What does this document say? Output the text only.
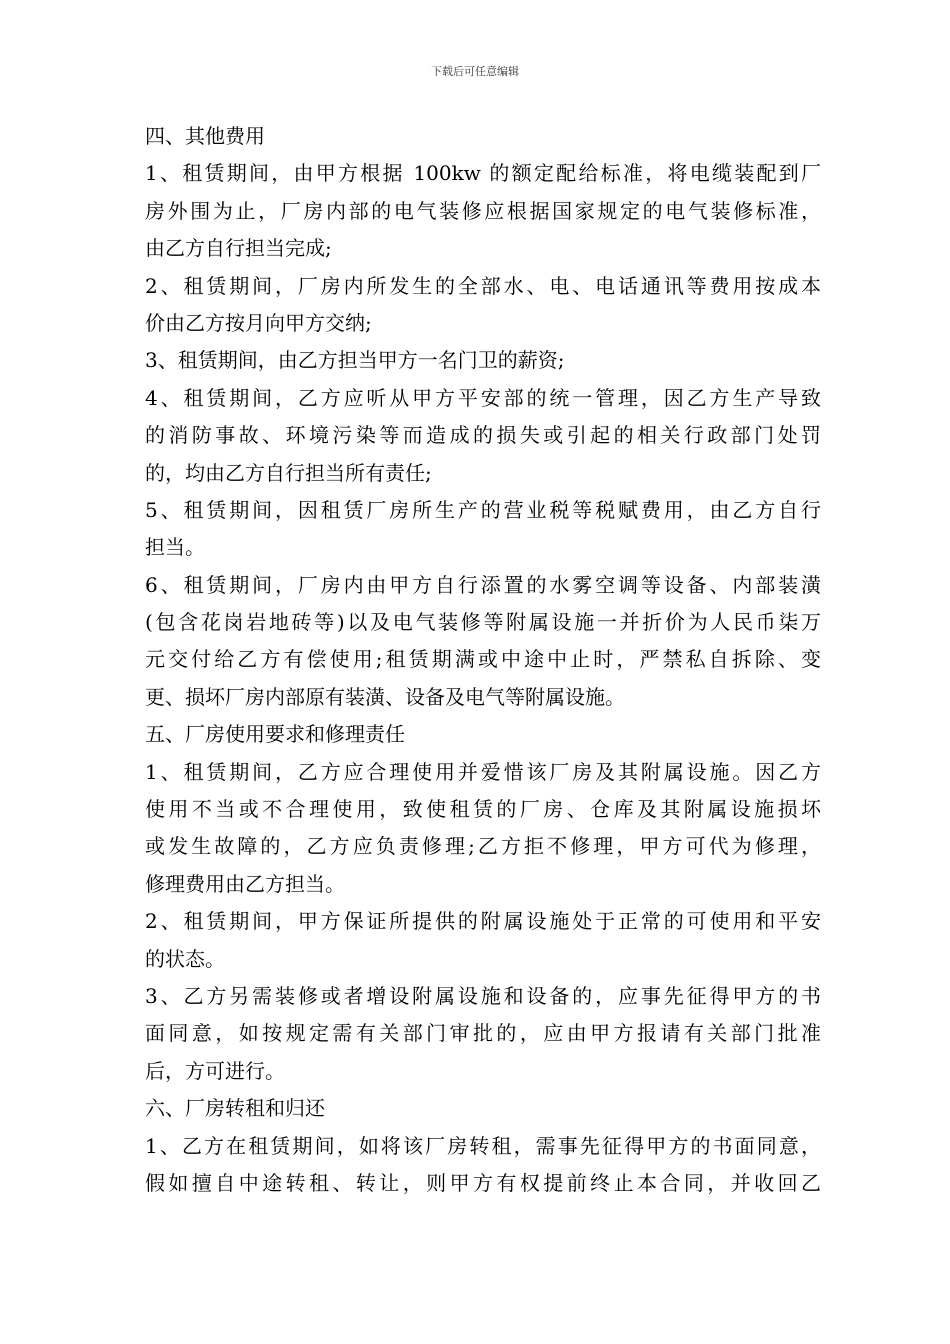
下载后可任意编辑
四、其他费用
1、租赁期间，由甲方根据 100kw 的额定配给标准，将电缆装配到厂
房外围为止，厂房内部的电气装修应根据国家规定的电气装修标准，
由乙方自行担当完成;
2、租赁期间，厂房内所发生的全部水、电、电话通讯等费用按成本
价由乙方按月向甲方交纳;
3、租赁期间，由乙方担当甲方一名门卫的薪资;
4、租赁期间，乙方应听从甲方平安部的统一管理，因乙方生产导致
的消防事故、环境污染等而造成的损失或引起的相关行政部门处罚
的，均由乙方自行担当所有责任;
5、租赁期间，因租赁厂房所生产的营业税等税赋费用，由乙方自行
担当。
6、租赁期间，厂房内由甲方自行添置的水雾空调等设备、内部装潢
(包含花岗岩地砖等)以及电气装修等附属设施一并折价为人民币柒万
元交付给乙方有偿使用;租赁期满或中途中止时，严禁私自拆除、变
更、损坏厂房内部原有装潢、设备及电气等附属设施。
五、厂房使用要求和修理责任
1、租赁期间，乙方应合理使用并爱惜该厂房及其附属设施。因乙方
使用不当或不合理使用，致使租赁的厂房、仓库及其附属设施损坏
或发生故障的，乙方应负责修理;乙方拒不修理，甲方可代为修理，
修理费用由乙方担当。
2、租赁期间，甲方保证所提供的附属设施处于正常的可使用和平安
的状态。
3、乙方另需装修或者增设附属设施和设备的，应事先征得甲方的书
面同意，如按规定需有关部门审批的，应由甲方报请有关部门批准
后，方可进行。
六、厂房转租和归还
1、乙方在租赁期间，如将该厂房转租，需事先征得甲方的书面同意，
假如擅自中途转租、转让，则甲方有权提前终止本合同，并收回乙
